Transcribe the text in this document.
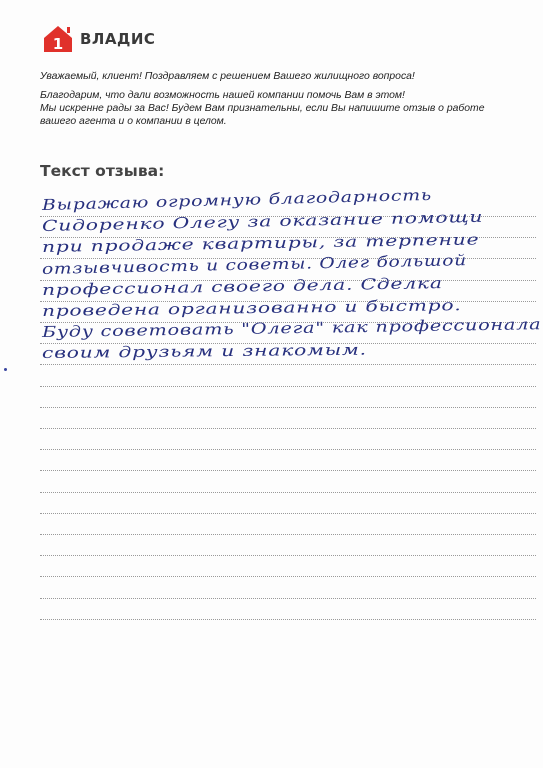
1 ВЛАДИС

Уважаемый, клиент! Поздравляем с решением Вашего жилищного вопроса!

Благодарим, что дали возможность нашей компании помочь Вам в этом!

Мы искренне рады за Вас! Будем Вам признательны, если Вы напишите отзыв о работе

вашего агента и о компании в целом.

Текст отзыва:
Выражаю огромную благодарность
Сидоренко Олегу за оказание помощи
при продаже квартиры, за терпение
отзывчивость и советы. Олег большой
профессионал своего дела. Сделка
проведена организованно и быстро.
Буду советовать "Олега" как профессионала
своим друзьям и знакомым.
